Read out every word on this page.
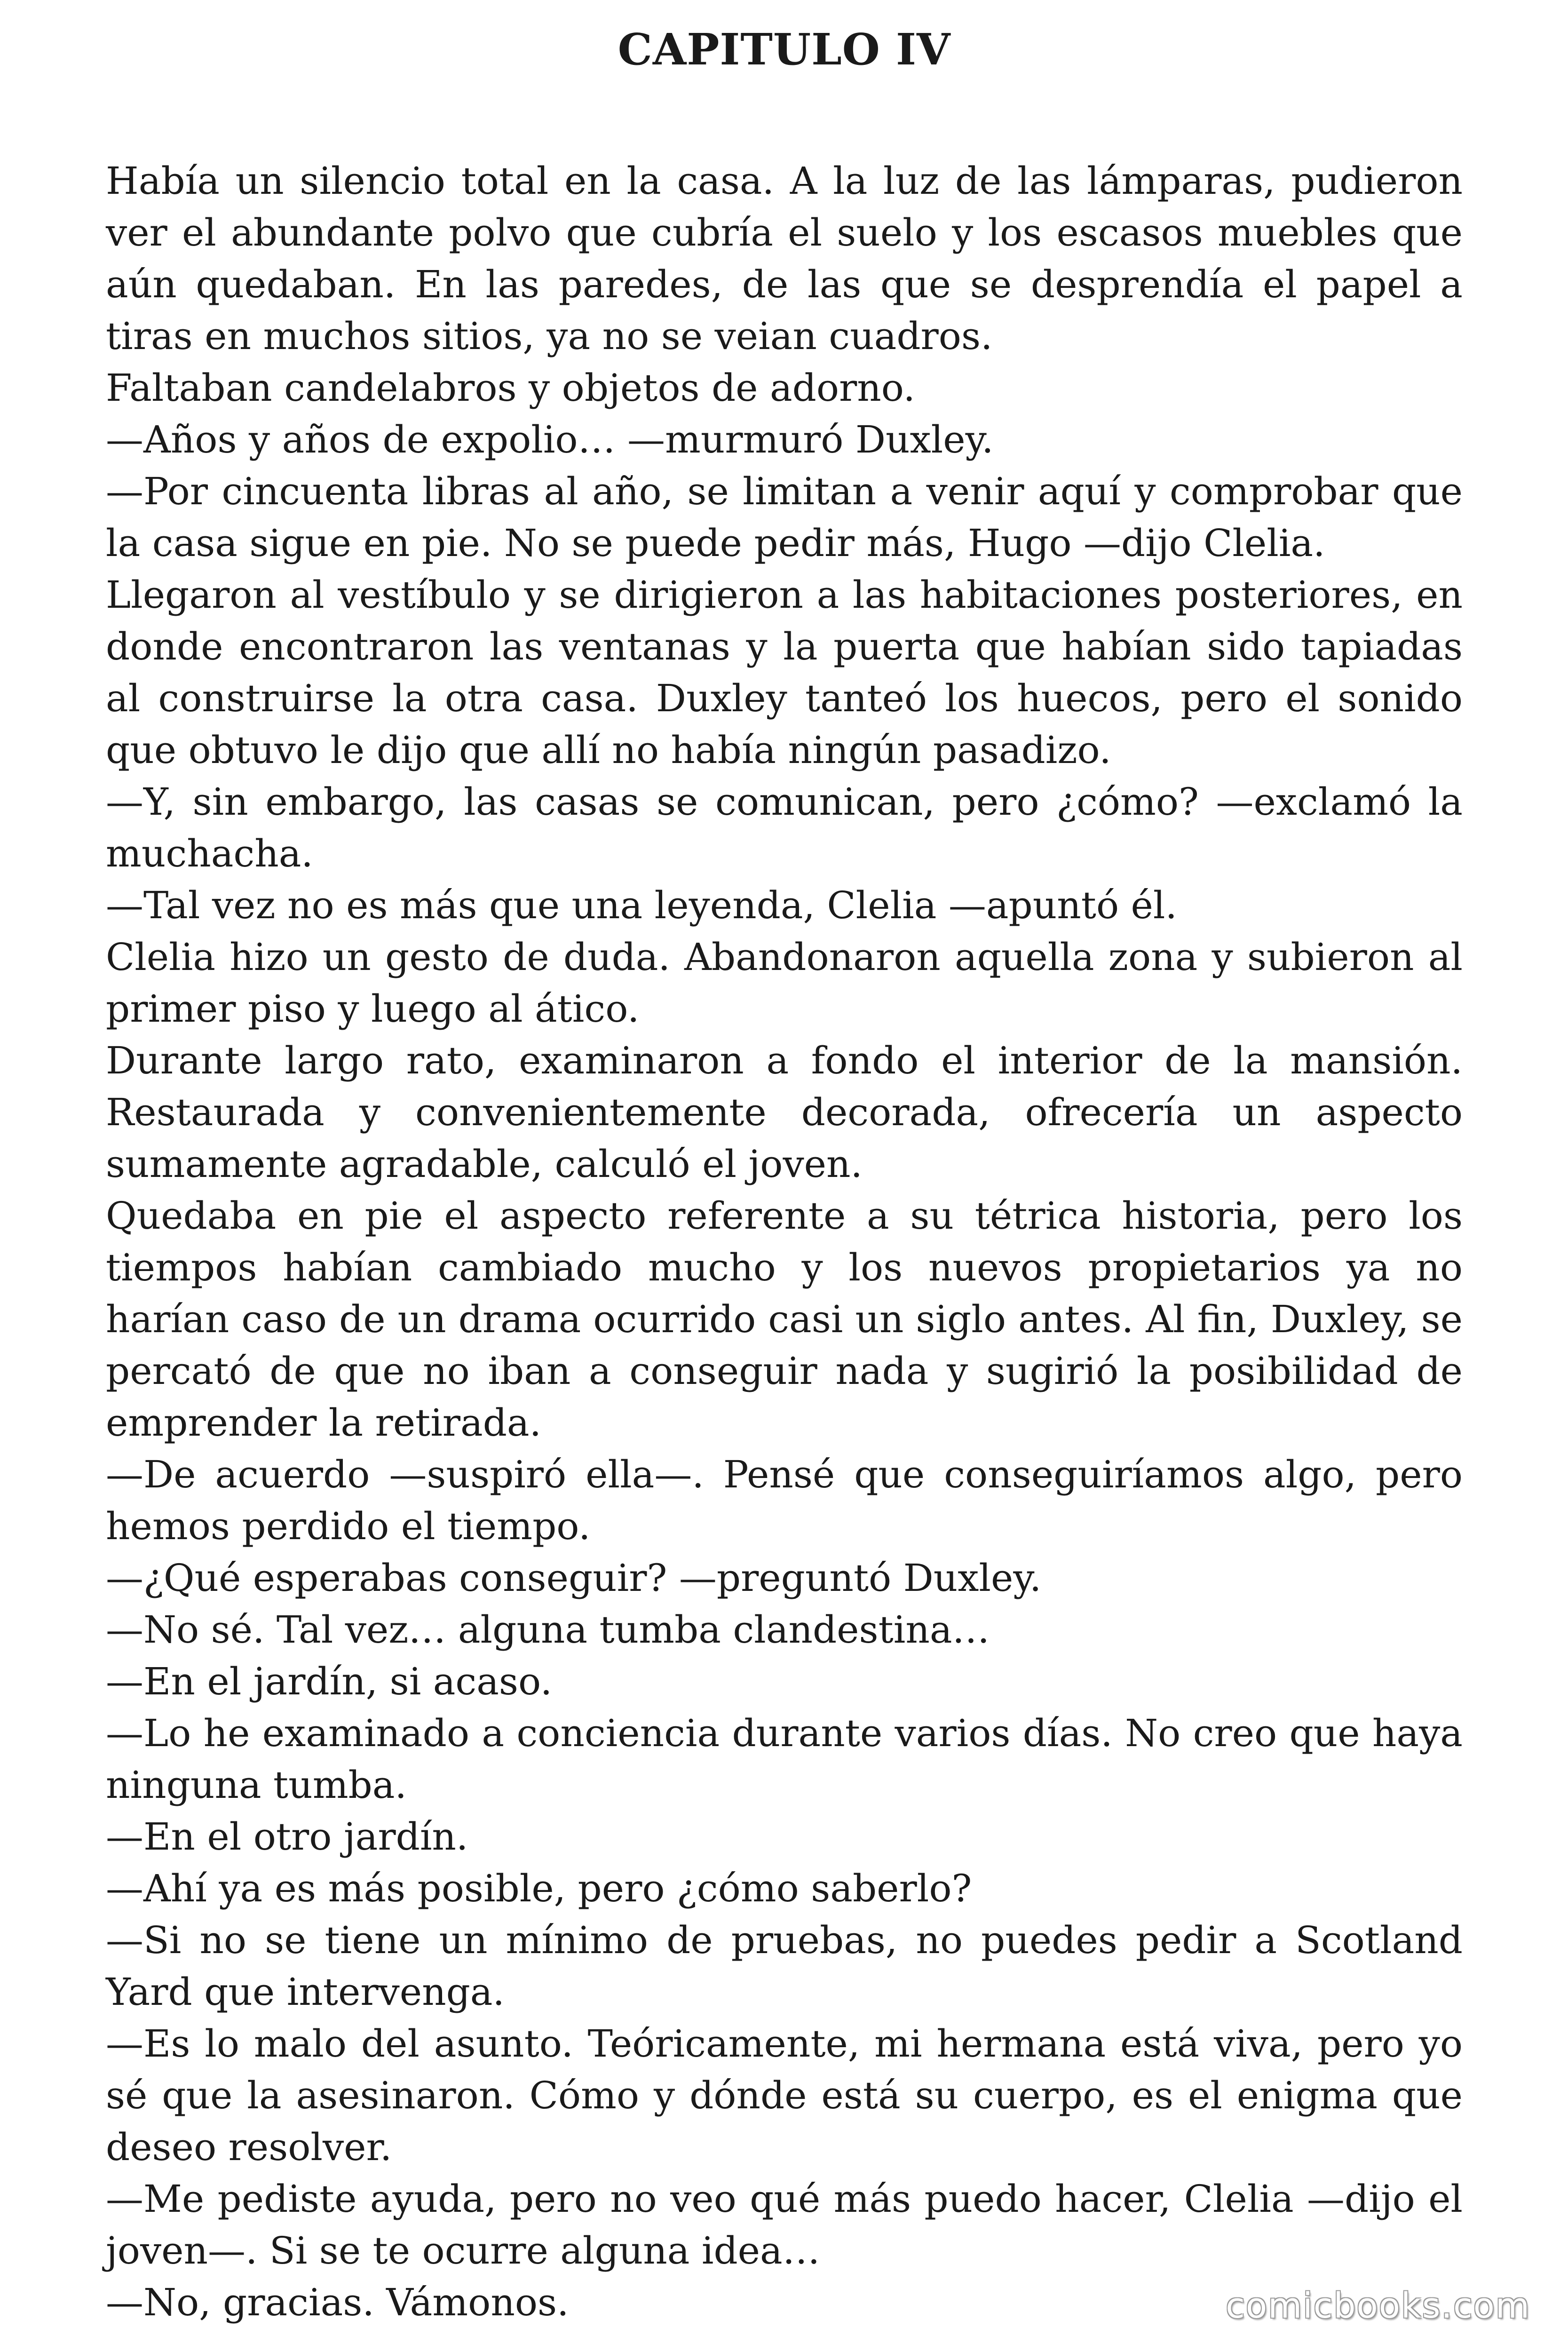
CAPITULO IV

Había un silencio total en la casa. A la luz de las lámparas, pudieron ver el abundante polvo que cubría el suelo y los escasos muebles que aún quedaban. En las paredes, de las que se desprendía el papel a tiras en muchos sitios, ya no se veian cuadros.

Faltaban candelabros y objetos de adorno.

—Años y años de expolio… —murmuró Duxley.

—Por cincuenta libras al año, se limitan a venir aquí y comprobar que la casa sigue en pie. No se puede pedir más, Hugo —dijo Clelia.

Llegaron al vestíbulo y se dirigieron a las habitaciones posteriores, en donde encontraron las ventanas y la puerta que habían sido tapiadas al construirse la otra casa. Duxley tanteó los huecos, pero el sonido que obtuvo le dijo que allí no había ningún pasadizo.

—Y, sin embargo, las casas se comunican, pero ¿cómo? —exclamó la muchacha.

—Tal vez no es más que una leyenda, Clelia —apuntó él.

Clelia hizo un gesto de duda. Abandonaron aquella zona y subieron al primer piso y luego al ático.

Durante largo rato, examinaron a fondo el interior de la mansión. Restaurada y convenientemente decorada, ofrecería un aspecto sumamente agradable, calculó el joven.

Quedaba en pie el aspecto referente a su tétrica historia, pero los tiempos habían cambiado mucho y los nuevos propietarios ya no harían caso de un drama ocurrido casi un siglo antes. Al fin, Duxley, se percató de que no iban a conseguir nada y sugirió la posibilidad de emprender la retirada.

—De acuerdo —suspiró ella—. Pensé que conseguiríamos algo, pero hemos perdido el tiempo.

—¿Qué esperabas conseguir? —preguntó Duxley.

—No sé. Tal vez… alguna tumba clandestina…

—En el jardín, si acaso.

—Lo he examinado a conciencia durante varios días. No creo que haya ninguna tumba.

—En el otro jardín.

—Ahí ya es más posible, pero ¿cómo saberlo?

—Si no se tiene un mínimo de pruebas, no puedes pedir a Scotland Yard que intervenga.

—Es lo malo del asunto. Teóricamente, mi hermana está viva, pero yo sé que la asesinaron. Cómo y dónde está su cuerpo, es el enigma que deseo resolver.

—Me pediste ayuda, pero no veo qué más puedo hacer, Clelia —dijo el joven—. Si se te ocurre alguna idea…

—No, gracias. Vámonos.	comicbooks.com
